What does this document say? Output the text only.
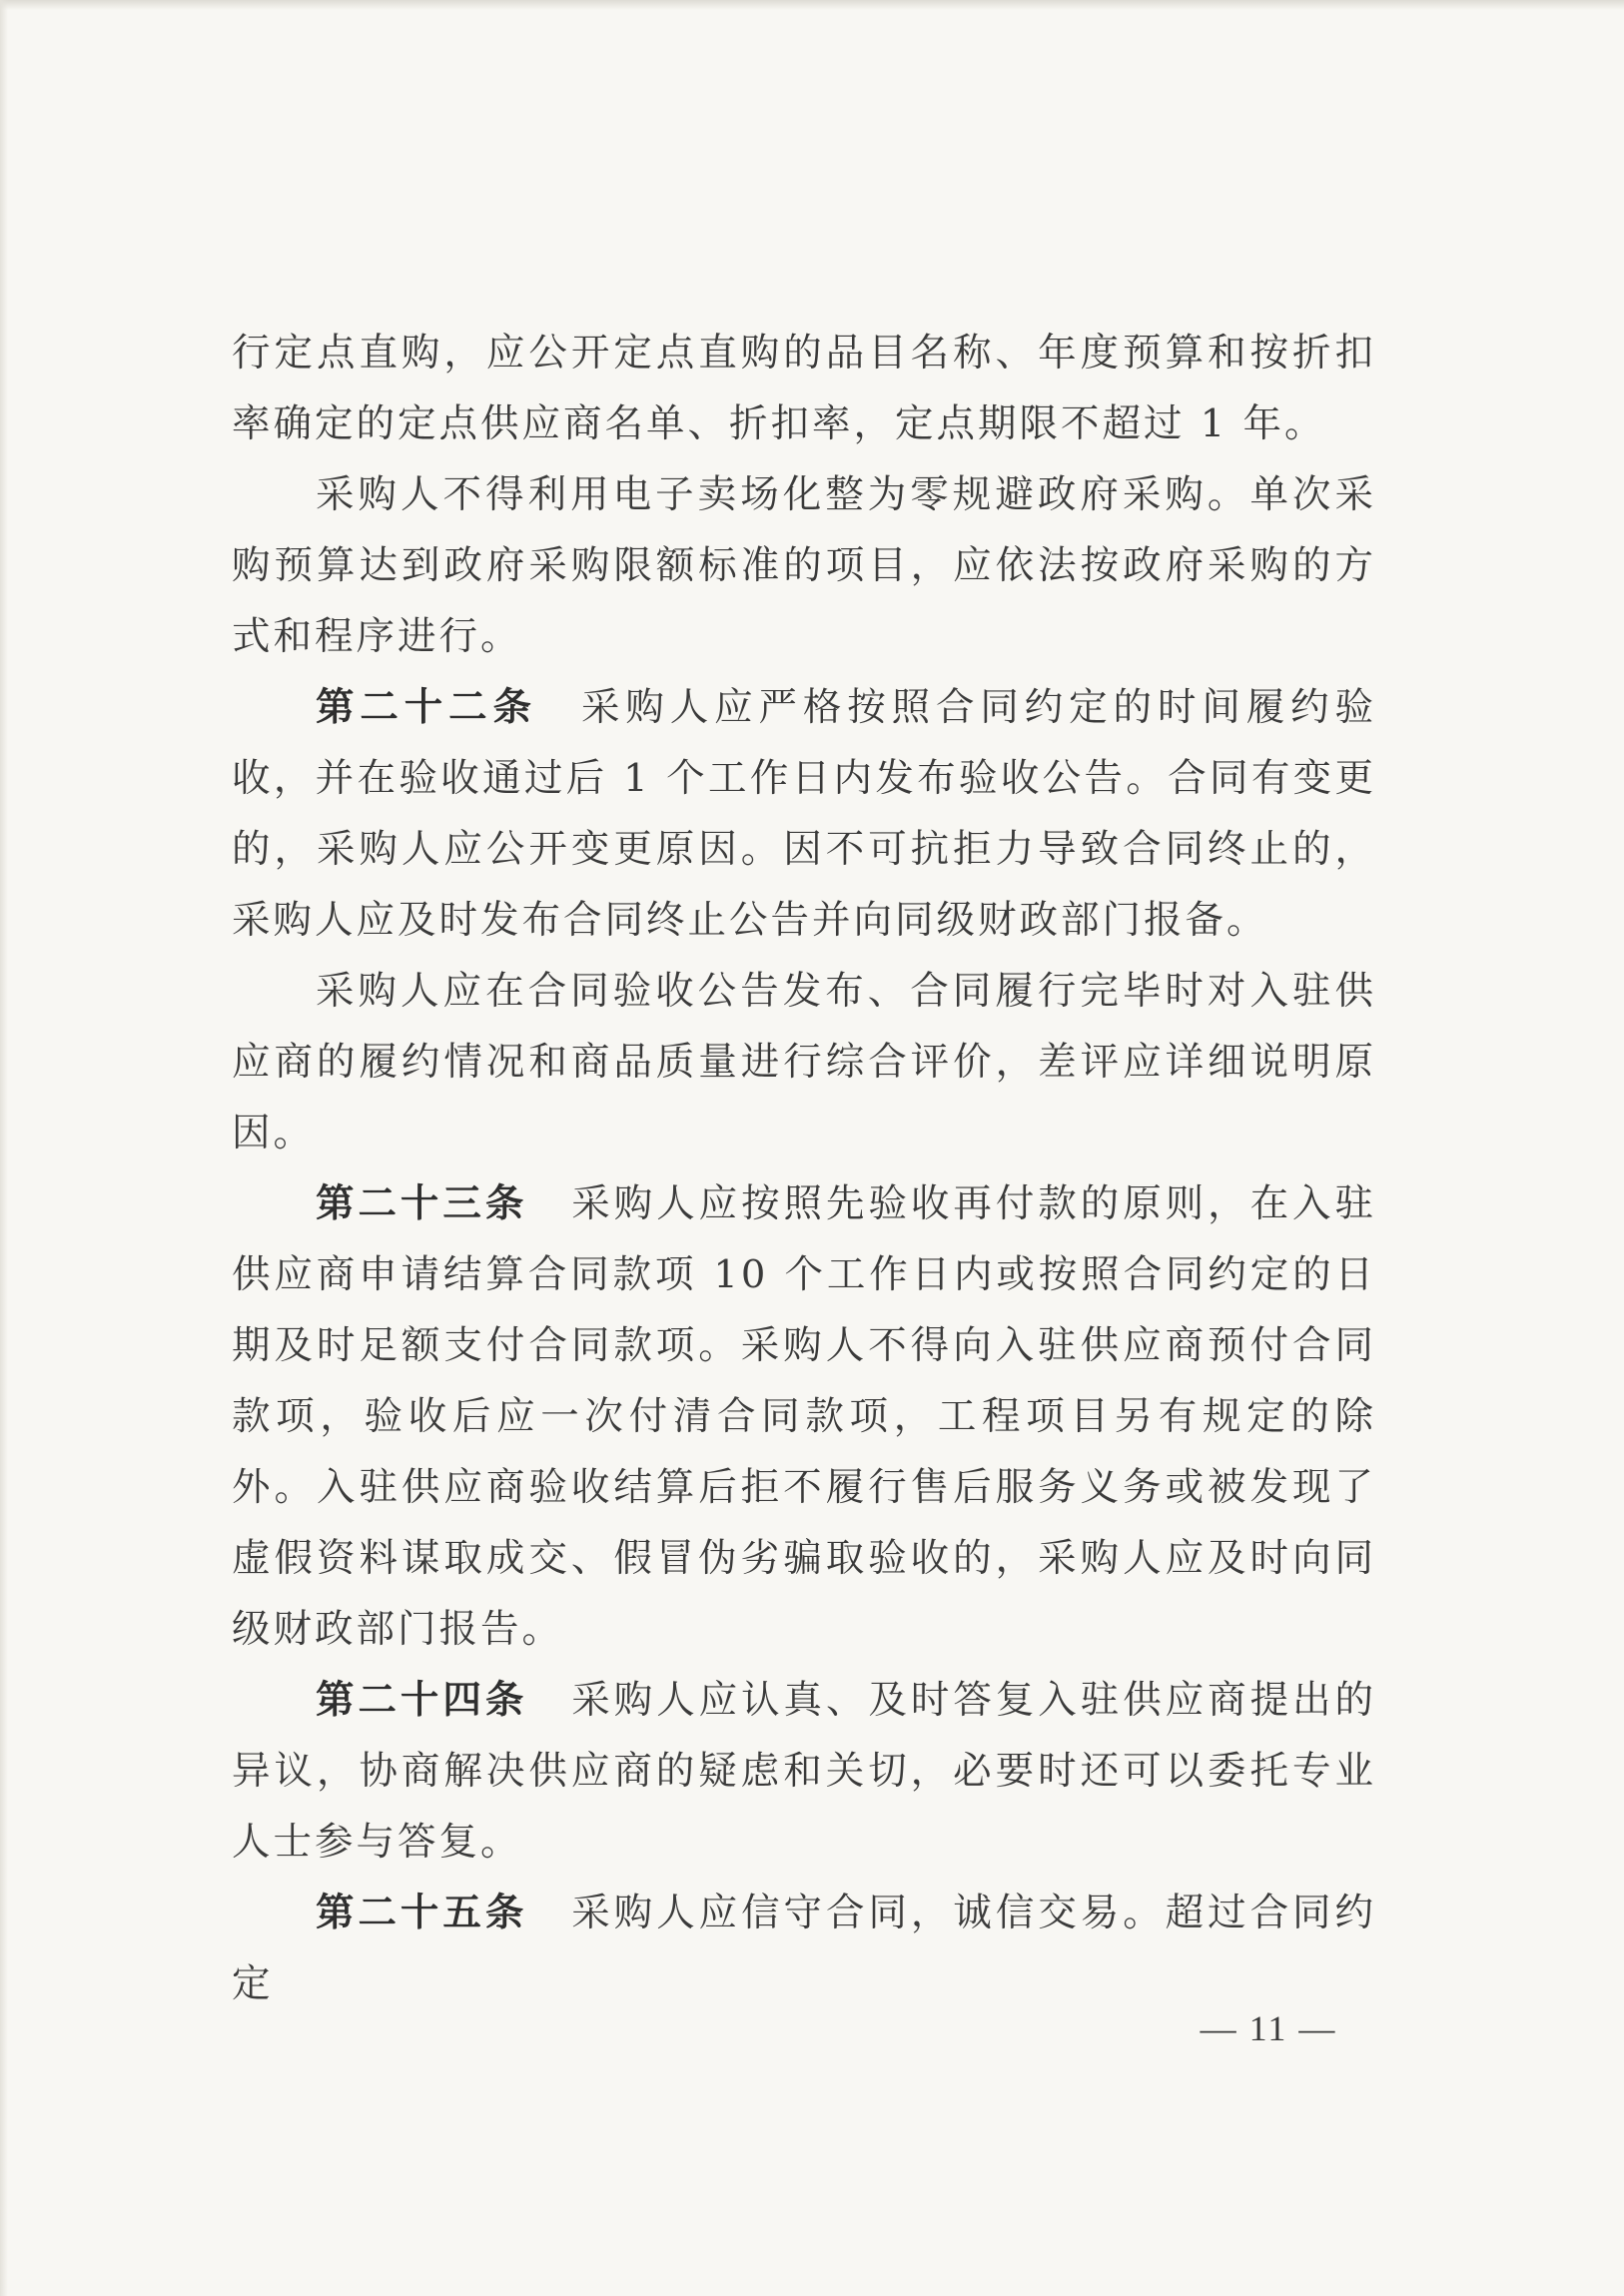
行定点直购，应公开定点直购的品目名称、年度预算和按折扣率确定的定点供应商名单、折扣率，定点期限不超过 1 年。

采购人不得利用电子卖场化整为零规避政府采购。单次采购预算达到政府采购限额标准的项目，应依法按政府采购的方式和程序进行。

第二十二条 采购人应严格按照合同约定的时间履约验收，并在验收通过后 1 个工作日内发布验收公告。合同有变更的，采购人应公开变更原因。因不可抗拒力导致合同终止的，采购人应及时发布合同终止公告并向同级财政部门报备。

采购人应在合同验收公告发布、合同履行完毕时对入驻供应商的履约情况和商品质量进行综合评价，差评应详细说明原因。

第二十三条 采购人应按照先验收再付款的原则，在入驻供应商申请结算合同款项 10 个工作日内或按照合同约定的日期及时足额支付合同款项。采购人不得向入驻供应商预付合同款项，验收后应一次付清合同款项，工程项目另有规定的除外。入驻供应商验收结算后拒不履行售后服务义务或被发现了虚假资料谋取成交、假冒伪劣骗取验收的，采购人应及时向同级财政部门报告。

第二十四条 采购人应认真、及时答复入驻供应商提出的异议，协商解决供应商的疑虑和关切，必要时还可以委托专业人士参与答复。

第二十五条 采购人应信守合同，诚信交易。超过合同约定

— 11 —
